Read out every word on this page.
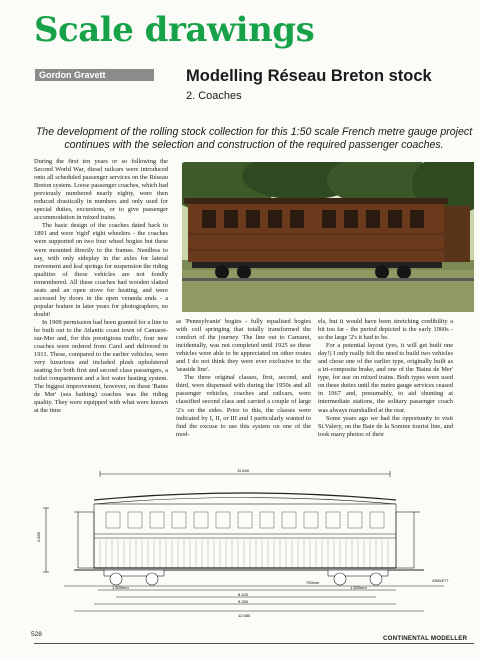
Scale drawings
Gordon Gravett	Modelling Réseau Breton stock
2. Coaches
The development of the rolling stock collection for this 1:50 scale French metre gauge project continues with the selection and construction of the required passenger coaches.

During the first ten years or so following the Second World War, diesel railcars were introduced onto all scheduled passenger services on the Réseau Breton system. Loose passenger coaches, which had previously numbered nearly eighty, were then reduced drastically in numbers and only used for special duties, excursions, or to give passenger accommodation in mixed trains.

The basic design of the coaches dated back to 1891 and were 'rigid' eight wheelers - the coaches were supported on two four wheel bogies but these were mounted directly to the frames. Needless to say, with only sideplay in the axles for lateral movement and leaf springs for suspension the riding qualities of these vehicles are not fondly remembered. All these coaches had wooden slatted seats and an open stove for heating, and were accessed by doors in the open veranda ends - a popular feature in later years for photographers, no doubt!

In 1909 permission had been granted for a line to be built out to the Atlantic coast town of Camaret-sur-Mer and, for this prestigious traffic, four new coaches were ordered from Carel and delivered in 1911. These, compared to the earlier vehicles, were very luxurious and included plush upholstered seating for both first and second class passengers, a toilet compartment and a hot water heating system. The biggest improvement, however, on these 'Bains de Mer' (sea bathing) coaches was the riding quality. They were equipped with what were known at the time

as 'Pennsylvanie' bogies - fully equalised bogies with coil springing that totally transformed the comfort of the journey. The line out to Camaret, incidentally, was not completed until 1925 so these vehicles were able to be appreciated on other routes and I do not think they were ever exclusive to the 'seaside line'.

The three original classes, first, second, and third, were dispensed with during the 1950s and all passenger vehicles, coaches and railcars, were classified second class and carried a couple of large '2's on the sides. Prior to this, the classes were indicated by I, II, or III and I particularly wanted to find the excuse to use this system on one of the mod-

els, but it would have been stretching credibility a bit too far - the period depicted is the early 1960s - so the large '2's it had to be.

For a potential layout (yes, it will get built one day!) I only really felt the need to build two vehicles and chose one of the earlier type, originally built as a tri-composite brake, and one of the 'Bains de Mer' type, for use on mixed trains. Both types were used on these duties until the metre gauge services ceased in 1967 and, presumably, to aid shunting at intermediate stations, the solitary passenger coach was always marshalled at the rear.

Some years ago we had the opportunity to visit St.Valery, on the Baie de la Somme tourist line, and took many photos of their

11.640
2.835
1.500mm
700mm
1.500mm
8.100
9.330
12.580
GRAVETT
528
CONTINENTAL MODELLER
